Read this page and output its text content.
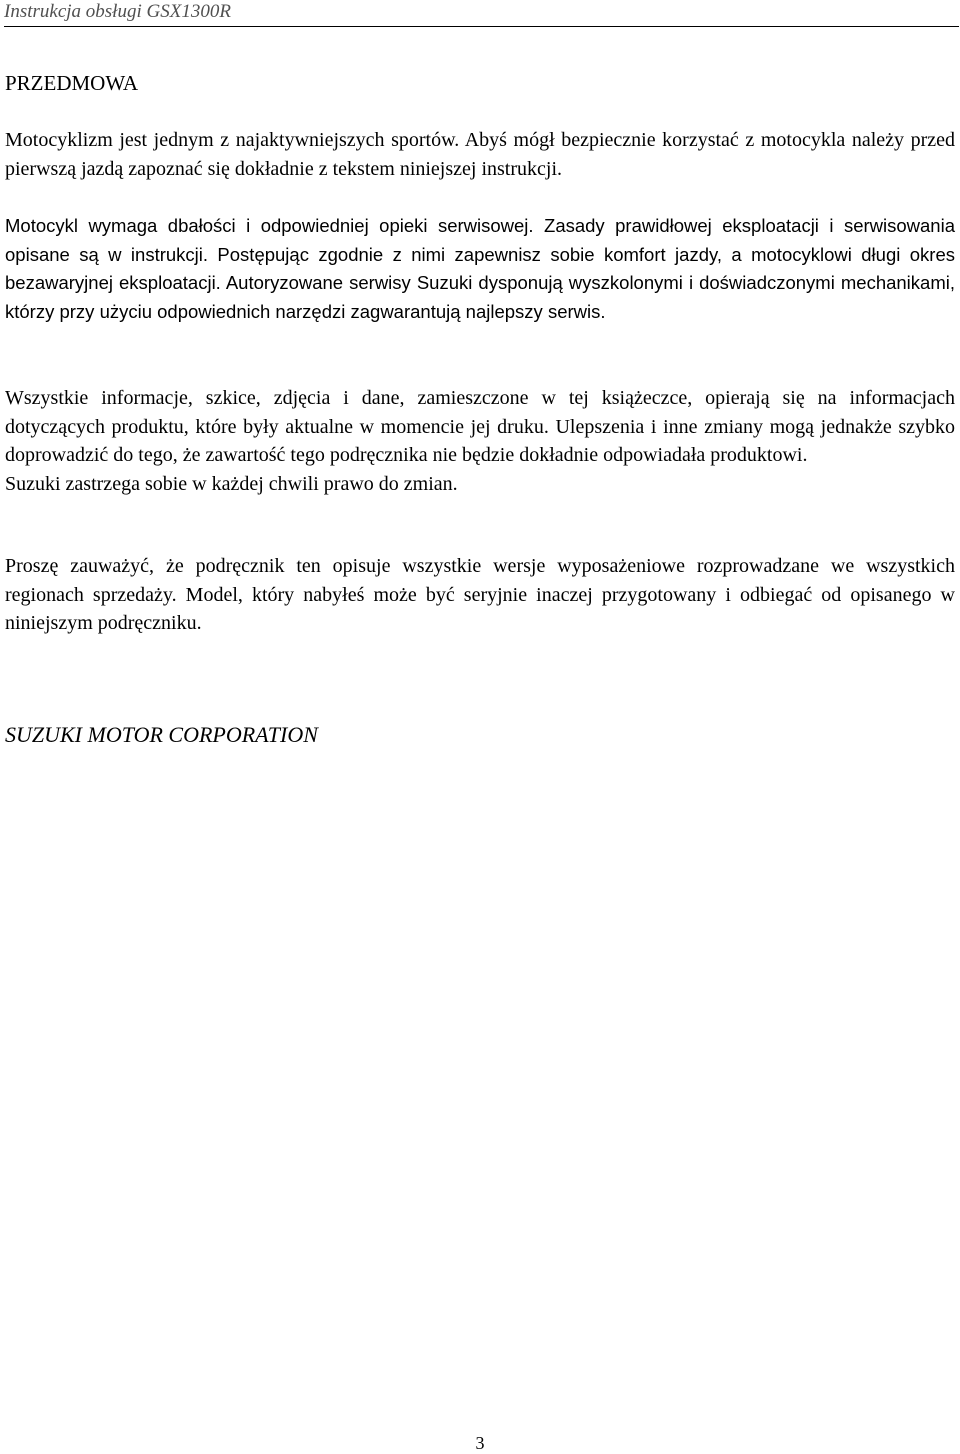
Instrukcja obsługi GSX1300R
PRZEDMOWA

Motocyklizm jest jednym z najaktywniejszych sportów. Abyś mógł bezpiecznie korzystać z motocykla należy przed pierwszą jazdą zapoznać się dokładnie z tekstem niniejszej instrukcji.

Motocykl wymaga dbałości i odpowiedniej opieki serwisowej. Zasady prawidłowej eksploatacji i serwisowania opisane są w instrukcji. Postępując zgodnie z nimi zapewnisz sobie komfort jazdy, a motocyklowi długi okres bezawaryjnej eksploatacji. Autoryzowane serwisy Suzuki dysponują wyszkolonymi i doświadczonymi mechanikami, którzy przy użyciu odpowiednich narzędzi zagwarantują najlepszy serwis.

Wszystkie informacje, szkice, zdjęcia i dane, zamieszczone w tej książeczce, opierają się na informacjach dotyczących produktu, które były aktualne w momencie jej druku. Ulepszenia i inne zmiany mogą jednakże szybko doprowadzić do tego, że zawartość tego podręcznika nie będzie dokładnie odpowiadała produktowi.
Suzuki zastrzega sobie w każdej chwili prawo do zmian.

Proszę zauważyć, że podręcznik ten opisuje wszystkie wersje wyposażeniowe rozprowadzane we wszystkich regionach sprzedaży. Model, który nabyłeś może być seryjnie inaczej przygotowany i odbiegać od opisanego w niniejszym podręczniku.

SUZUKI MOTOR CORPORATION

3
